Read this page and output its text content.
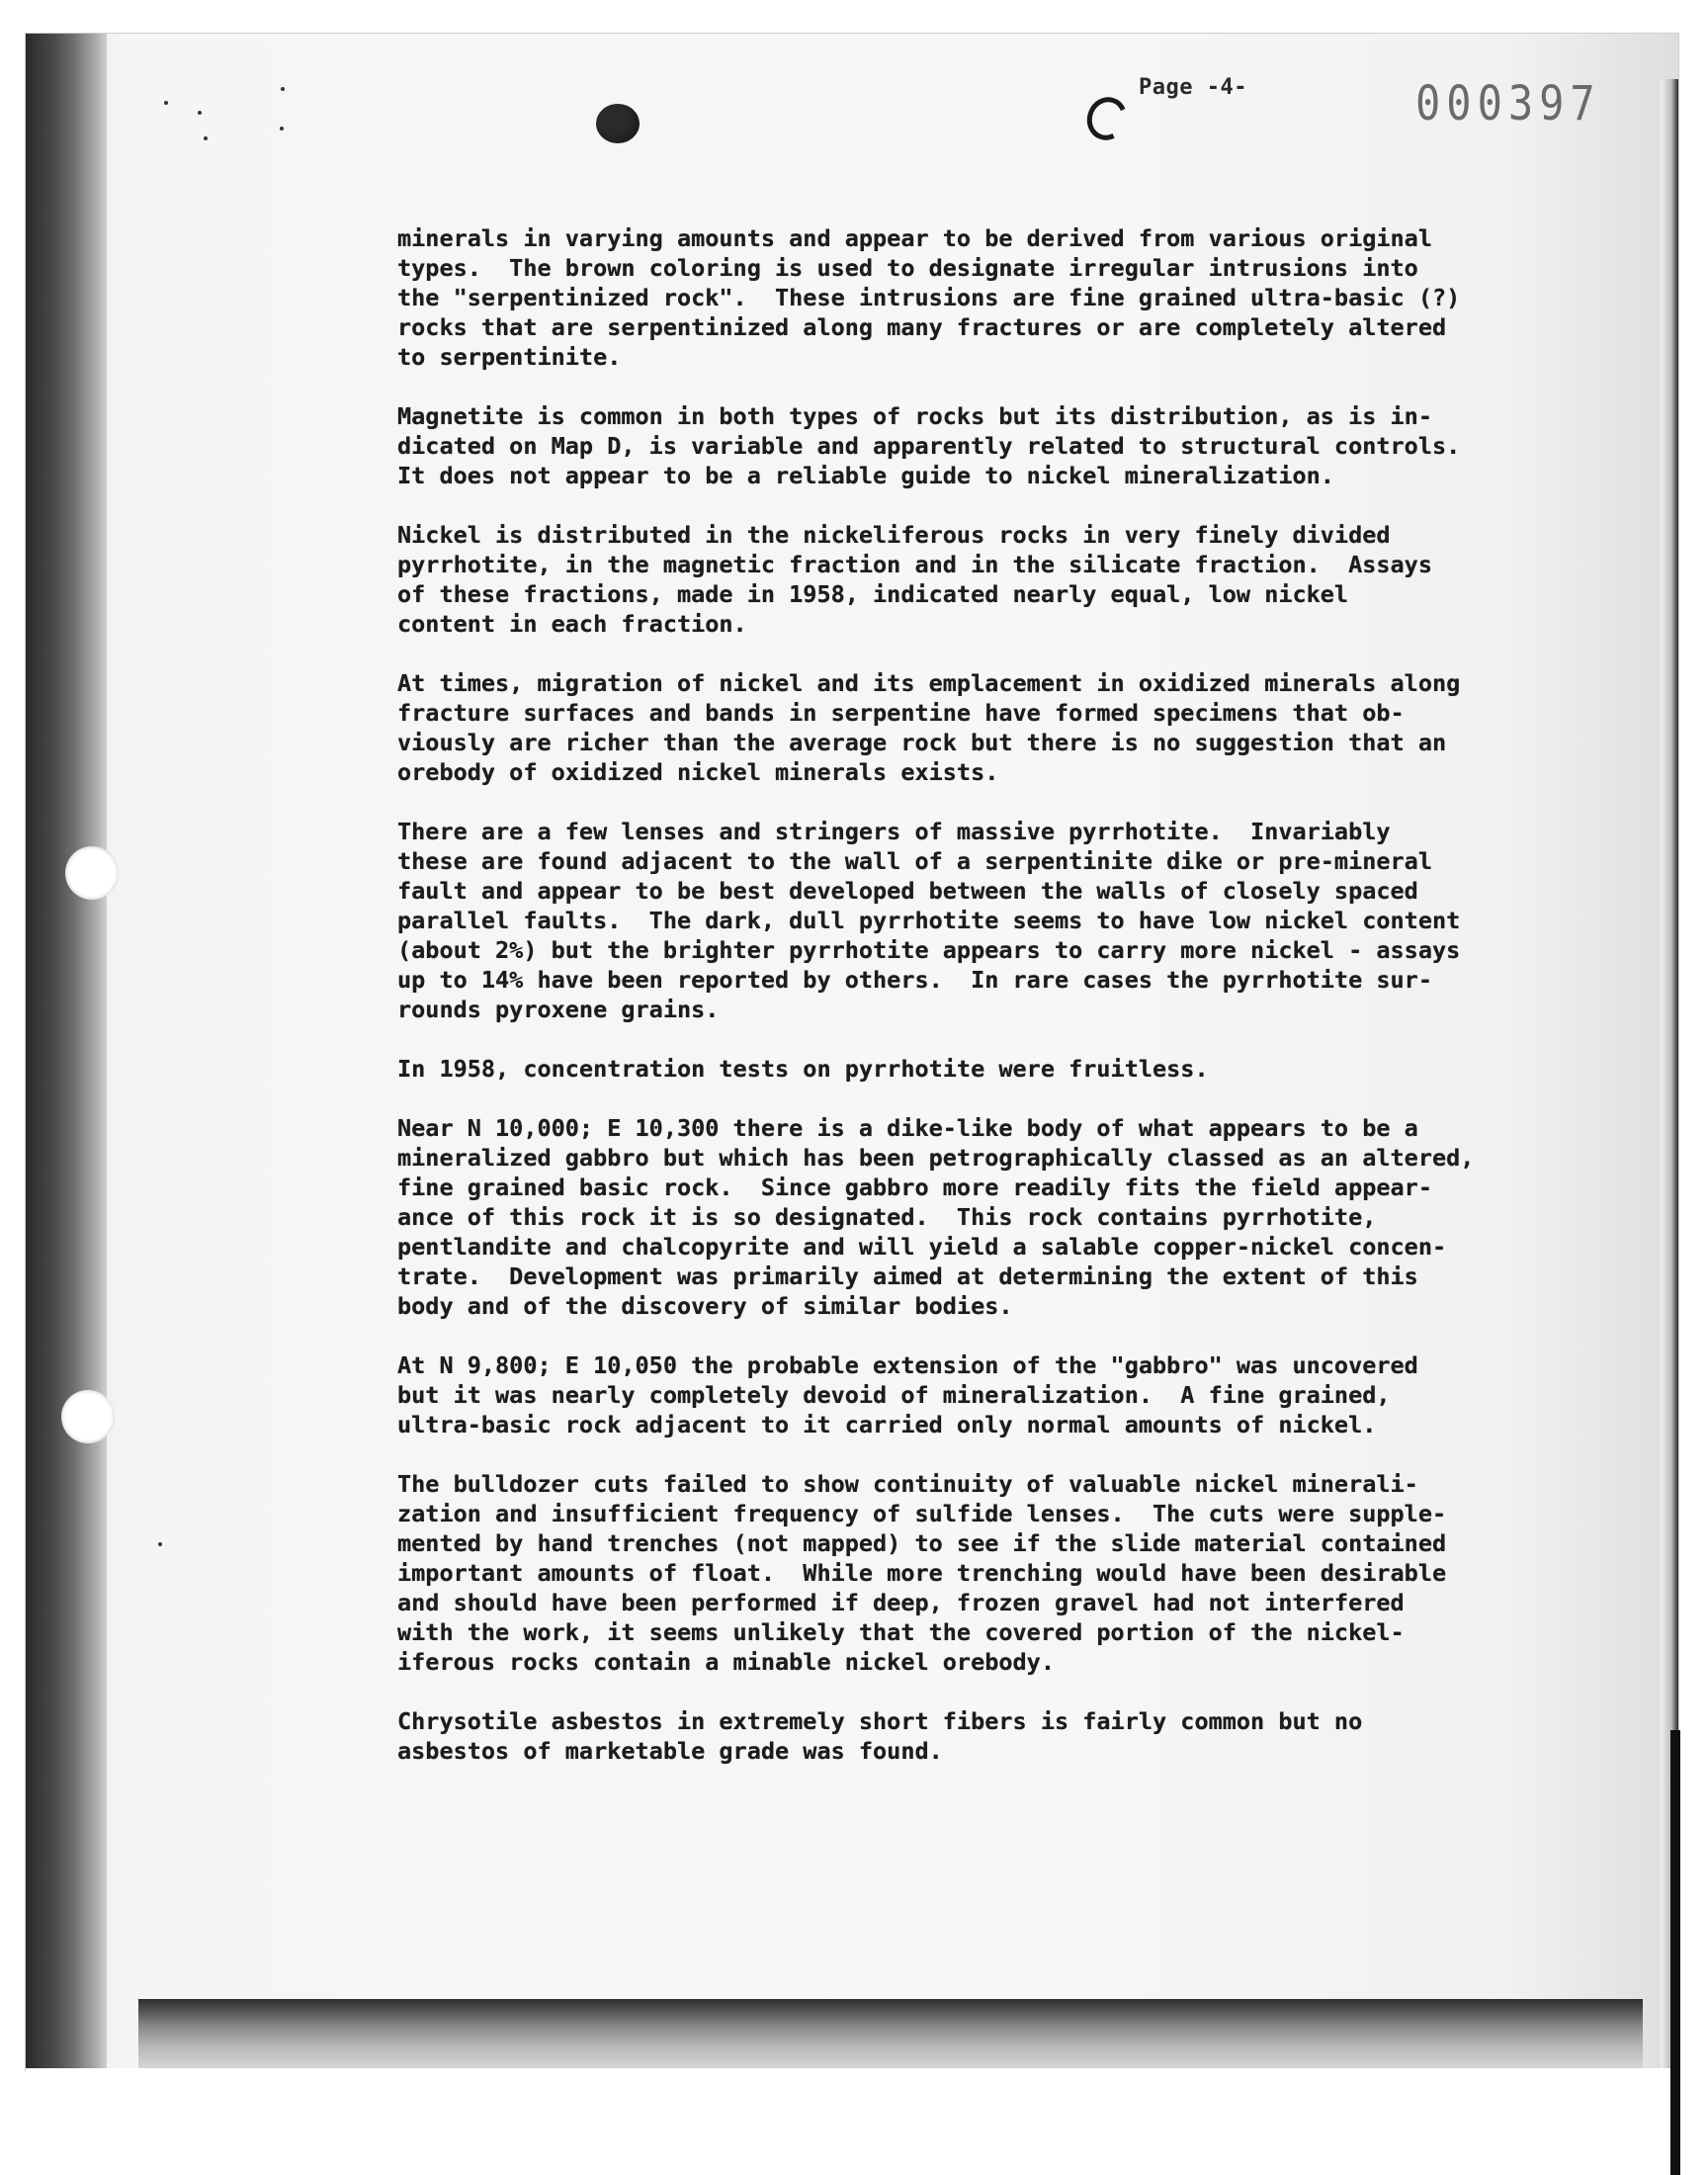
Page -4-	000397

minerals in varying amounts and appear to be derived from various original
types.  The brown coloring is used to designate irregular intrusions into
the "serpentinized rock".  These intrusions are fine grained ultra-basic (?)
rocks that are serpentinized along many fractures or are completely altered
to serpentinite.

Magnetite is common in both types of rocks but its distribution, as is in-
dicated on Map D, is variable and apparently related to structural controls.
It does not appear to be a reliable guide to nickel mineralization.

Nickel is distributed in the nickeliferous rocks in very finely divided
pyrrhotite, in the magnetic fraction and in the silicate fraction.  Assays
of these fractions, made in 1958, indicated nearly equal, low nickel
content in each fraction.

At times, migration of nickel and its emplacement in oxidized minerals along
fracture surfaces and bands in serpentine have formed specimens that ob-
viously are richer than the average rock but there is no suggestion that an
orebody of oxidized nickel minerals exists.

There are a few lenses and stringers of massive pyrrhotite.  Invariably
these are found adjacent to the wall of a serpentinite dike or pre-mineral
fault and appear to be best developed between the walls of closely spaced
parallel faults.  The dark, dull pyrrhotite seems to have low nickel content
(about 2%) but the brighter pyrrhotite appears to carry more nickel - assays
up to 14% have been reported by others.  In rare cases the pyrrhotite sur-
rounds pyroxene grains.

In 1958, concentration tests on pyrrhotite were fruitless.

Near N 10,000; E 10,300 there is a dike-like body of what appears to be a
mineralized gabbro but which has been petrographically classed as an altered,
fine grained basic rock.  Since gabbro more readily fits the field appear-
ance of this rock it is so designated.  This rock contains pyrrhotite,
pentlandite and chalcopyrite and will yield a salable copper-nickel concen-
trate.  Development was primarily aimed at determining the extent of this
body and of the discovery of similar bodies.

At N 9,800; E 10,050 the probable extension of the "gabbro" was uncovered
but it was nearly completely devoid of mineralization.  A fine grained,
ultra-basic rock adjacent to it carried only normal amounts of nickel.

The bulldozer cuts failed to show continuity of valuable nickel minerali-
zation and insufficient frequency of sulfide lenses.  The cuts were supple-
mented by hand trenches (not mapped) to see if the slide material contained
important amounts of float.  While more trenching would have been desirable
and should have been performed if deep, frozen gravel had not interfered
with the work, it seems unlikely that the covered portion of the nickel-
iferous rocks contain a minable nickel orebody.

Chrysotile asbestos in extremely short fibers is fairly common but no
asbestos of marketable grade was found.
